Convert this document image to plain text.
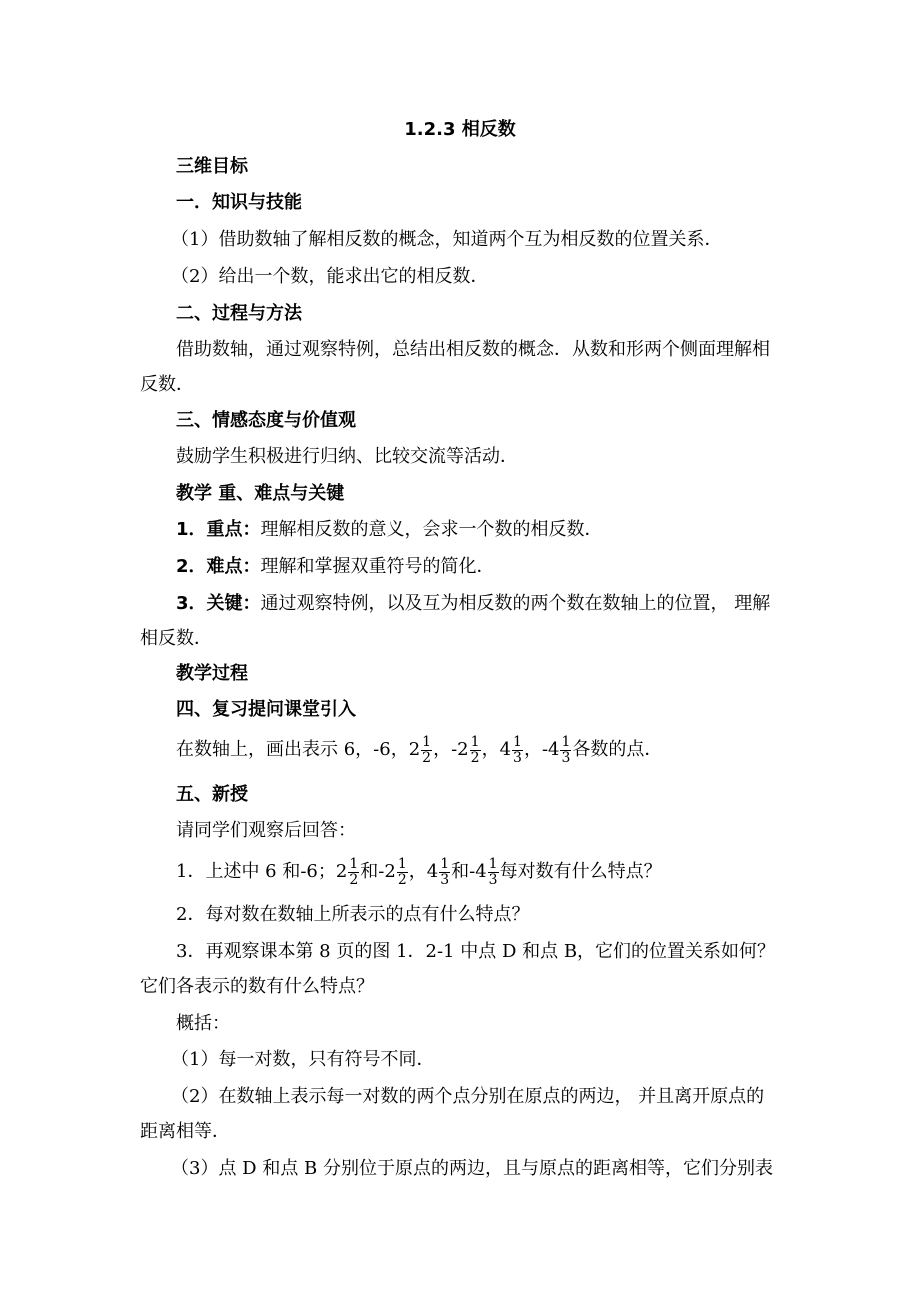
1.2.3 相反数
三维目标
一．知识与技能
（1）借助数轴了解相反数的概念，知道两个互为相反数的位置关系．
（2）给出一个数，能求出它的相反数．
二、过程与方法
借助数轴，通过观察特例，总结出相反数的概念．从数和形两个侧面理解相
反数．
三、情感态度与价值观
鼓励学生积极进行归纳、比较交流等活动．
教学 重、难点与关键
1．重点：理解相反数的意义，会求一个数的相反数．
2．难点：理解和掌握双重符号的简化．
3．关键：通过观察特例，以及互为相反数的两个数在数轴上的位置， 理解
相反数．
教学过程
四、复习提问课堂引入
在数轴上，画出表示 6，-6，$2 \frac{1}{2}$ ，$-2 \frac{1}{2}$ ，$4 \frac{1}{3}$ ，$-4 \frac{1}{3}$ 各数的点．
五、新授
请同学们观察后回答：
1．上述中 6 和-6；$2 \frac{1}{2}$ 和$-2 \frac{1}{2}$ ，$4 \frac{1}{3}$ 和$-4 \frac{1}{3}$ 每对数有什么特点？
2．每对数在数轴上所表示的点有什么特点？
3．再观察课本第 8 页的图 1．2-1 中点 D 和点 B，它们的位置关系如何？
它们各表示的数有什么特点？
概括：
（1）每一对数，只有符号不同．
（2）在数轴上表示每一对数的两个点分别在原点的两边， 并且离开原点的
距离相等．
（3）点 D 和点 B 分别位于原点的两边，且与原点的距离相等，它们分别表
